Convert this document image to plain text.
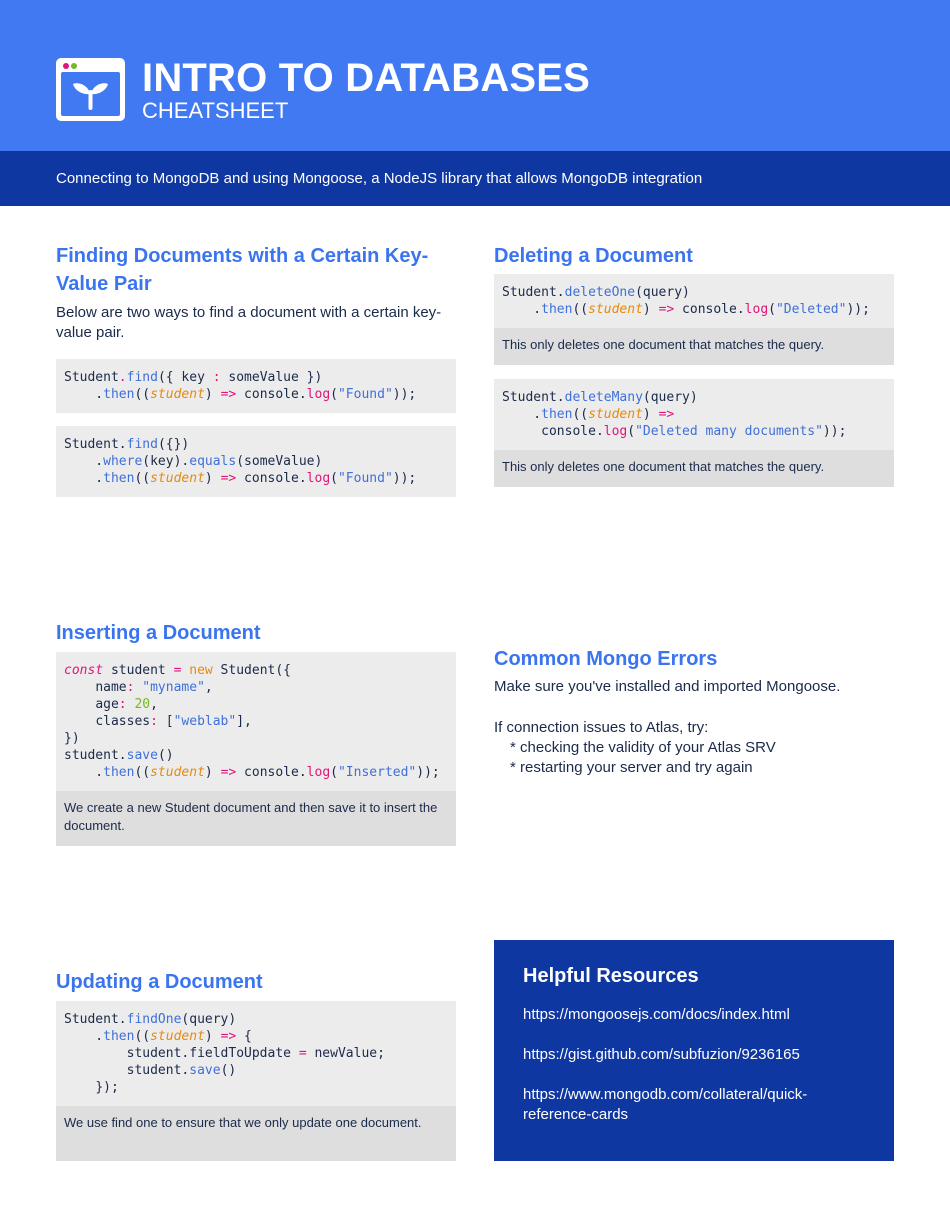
INTRO TO DATABASES
CHEATSHEET
Connecting to MongoDB and using Mongoose, a NodeJS library that allows MongoDB integration
Finding Documents with a Certain Key-Value Pair
Below are two ways to find a document with a certain key-value pair.
Student.find({ key : someValue })
.then((student) => console.log("Found"));
Student.find({})
.where(key).equals(someValue)
.then((student) => console.log("Found"));
Deleting a Document
Student.deleteOne(query)
.then((student) => console.log("Deleted"));
This only deletes one document that matches the query.
Student.deleteMany(query)
.then((student) =>
console.log("Deleted many documents"));
This only deletes one document that matches the query.
Inserting a Document
const student = new Student({
name: "myname",
age: 20,
classes: ["weblab"],
})
student.save()
.then((student) => console.log("Inserted"));
We create a new Student document and then save it to insert the document.
Common Mongo Errors
Make sure you've installed and imported Mongoose.
If connection issues to Atlas, try:
* checking the validity of your Atlas SRV
* restarting your server and try again
Updating a Document
Student.findOne(query)
.then((student) => {
student.fieldToUpdate = newValue;
student.save()
});
We use find one to ensure that we only update one document.
Helpful Resources
https://mongoosejs.com/docs/index.html
https://gist.github.com/subfuzion/9236165
https://www.mongodb.com/collateral/quick-reference-cards
